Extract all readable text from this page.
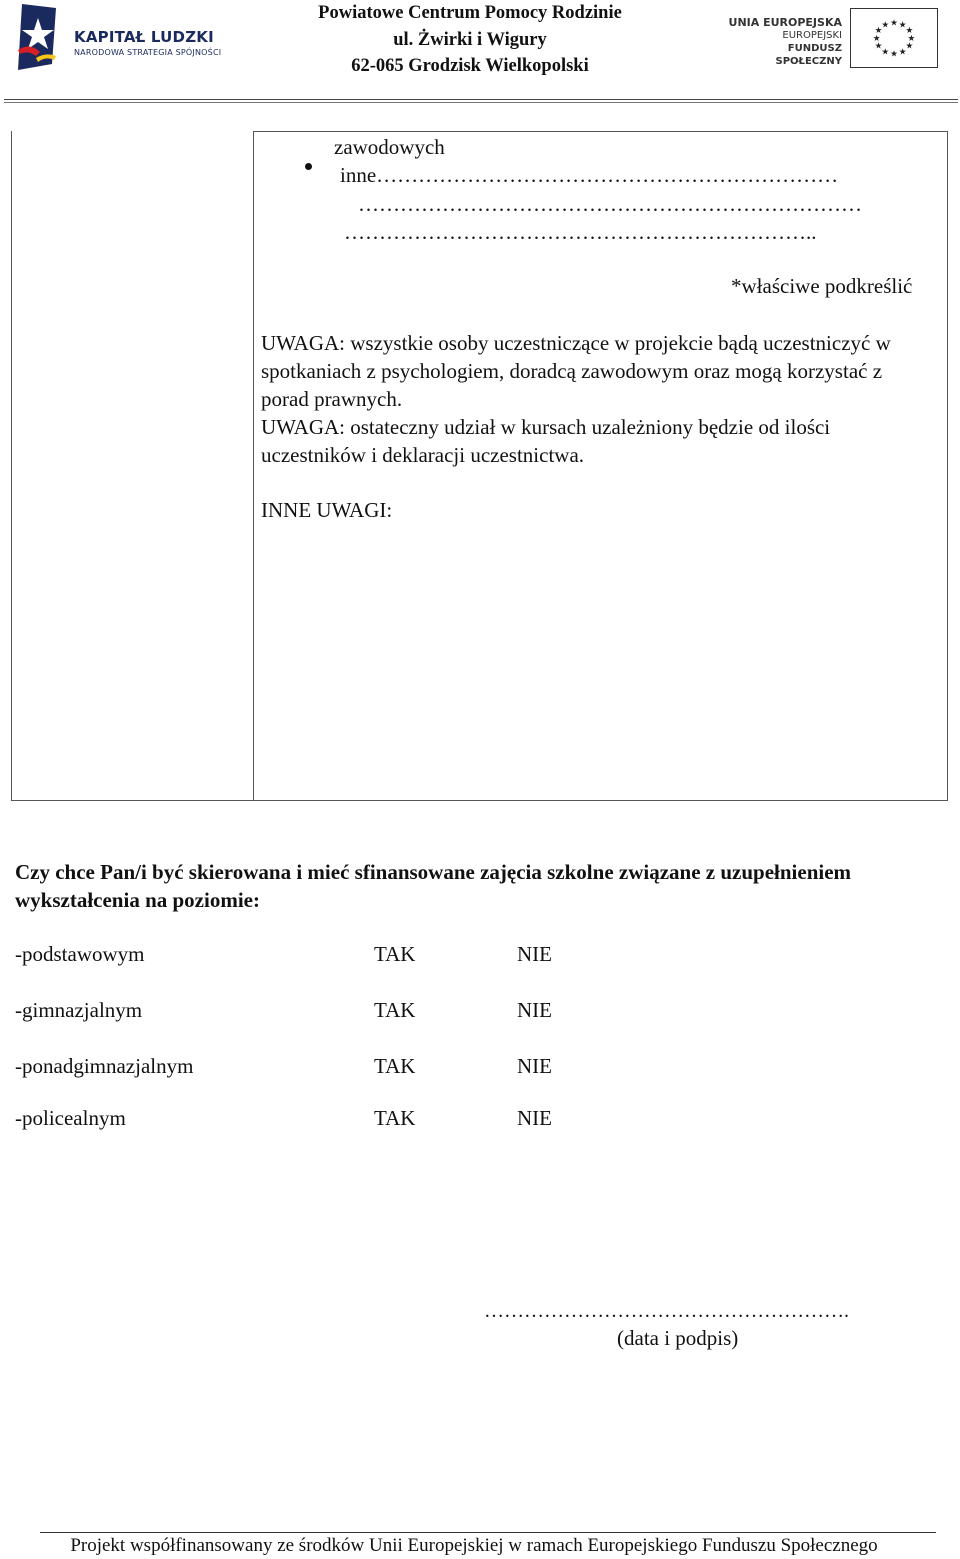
KAPITAŁ LUDZKI
NARODOWA STRATEGIA SPÓJNOŚCI
Powiatowe Centrum Pomocy Rodzinie
ul. Żwirki i Wigury
62-065 Grodzisk Wielkopolski
UNIA EUROPEJSKA
EUROPEJSKI
FUNDUSZ SPOŁECZNY
★ ★
★
★
★
★
★
★
★
★
★
★
zawodowych
inne…………………………………………………………
………………………………………………………………
…………………………………………………………..
*właściwe podkreślić
UWAGA: wszystkie osoby uczestniczące w projekcie bądą uczestniczyć w spotkaniach z psychologiem, doradcą zawodowym oraz mogą korzystać z porad prawnych.
UWAGA: ostateczny udział w kursach uzależniony będzie od ilości uczestników i deklaracji uczestnictwa.
INNE UWAGI:
Czy chce Pan/i być skierowana i mieć sfinansowane zajęcia szkolne związane z uzupełnieniem wykształcenia na poziomie:
-podstawowym	TAK	NIE
-gimnazjalnym	TAK	NIE
-ponadgimnazjalnym	TAK	NIE
-policealnym	TAK	NIE
……………………………………………….
(data i podpis)
Projekt współfinansowany ze środków Unii Europejskiej w ramach Europejskiego Funduszu Społecznego
